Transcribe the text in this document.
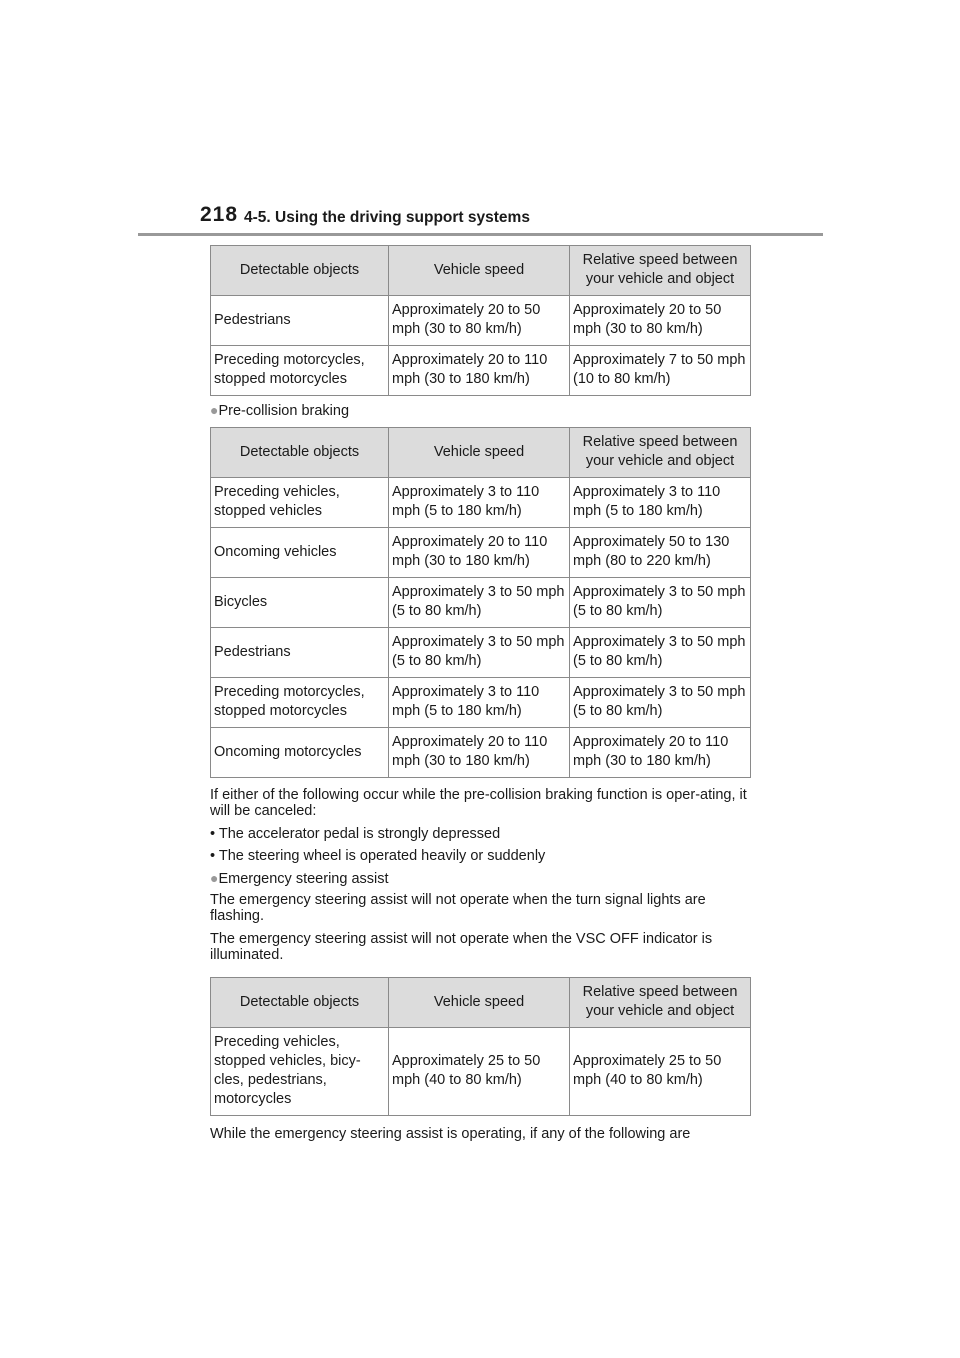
218 4-5. Using the driving support systems
Detectable objects	Vehicle speed	Relative speed between your vehicle and object
Pedestrians	Approximately 20 to 50 mph (30 to 80 km/h)	Approximately 20 to 50 mph (30 to 80 km/h)
Preceding motorcycles, stopped motorcycles	Approximately 20 to 110 mph (30 to 180 km/h)	Approximately 7 to 50 mph (10 to 80 km/h)
●Pre-collision braking
Detectable objects	Vehicle speed	Relative speed between your vehicle and object
Preceding vehicles, stopped vehicles	Approximately 3 to 110 mph (5 to 180 km/h)	Approximately 3 to 110 mph (5 to 180 km/h)
Oncoming vehicles	Approximately 20 to 110 mph (30 to 180 km/h)	Approximately 50 to 130 mph (80 to 220 km/h)
Bicycles	Approximately 3 to 50 mph (5 to 80 km/h)	Approximately 3 to 50 mph (5 to 80 km/h)
Pedestrians	Approximately 3 to 50 mph (5 to 80 km/h)	Approximately 3 to 50 mph (5 to 80 km/h)
Preceding motorcycles, stopped motorcycles	Approximately 3 to 110 mph (5 to 180 km/h)	Approximately 3 to 50 mph (5 to 80 km/h)
Oncoming motorcycles	Approximately 20 to 110 mph (30 to 180 km/h)	Approximately 20 to 110 mph (30 to 180 km/h)

If either of the following occur while the pre-collision braking function is oper-ating, it will be canceled:

• The accelerator pedal is strongly depressed
• The steering wheel is operated heavily or suddenly
●Emergency steering assist

The emergency steering assist will not operate when the turn signal lights are flashing.

The emergency steering assist will not operate when the VSC OFF indicator is illuminated.

Detectable objects	Vehicle speed	Relative speed between your vehicle and object
Preceding vehicles, stopped vehicles, bicy-cles, pedestrians, motorcycles	Approximately 25 to 50 mph (40 to 80 km/h)	Approximately 25 to 50 mph (40 to 80 km/h)

While the emergency steering assist is operating, if any of the following are
